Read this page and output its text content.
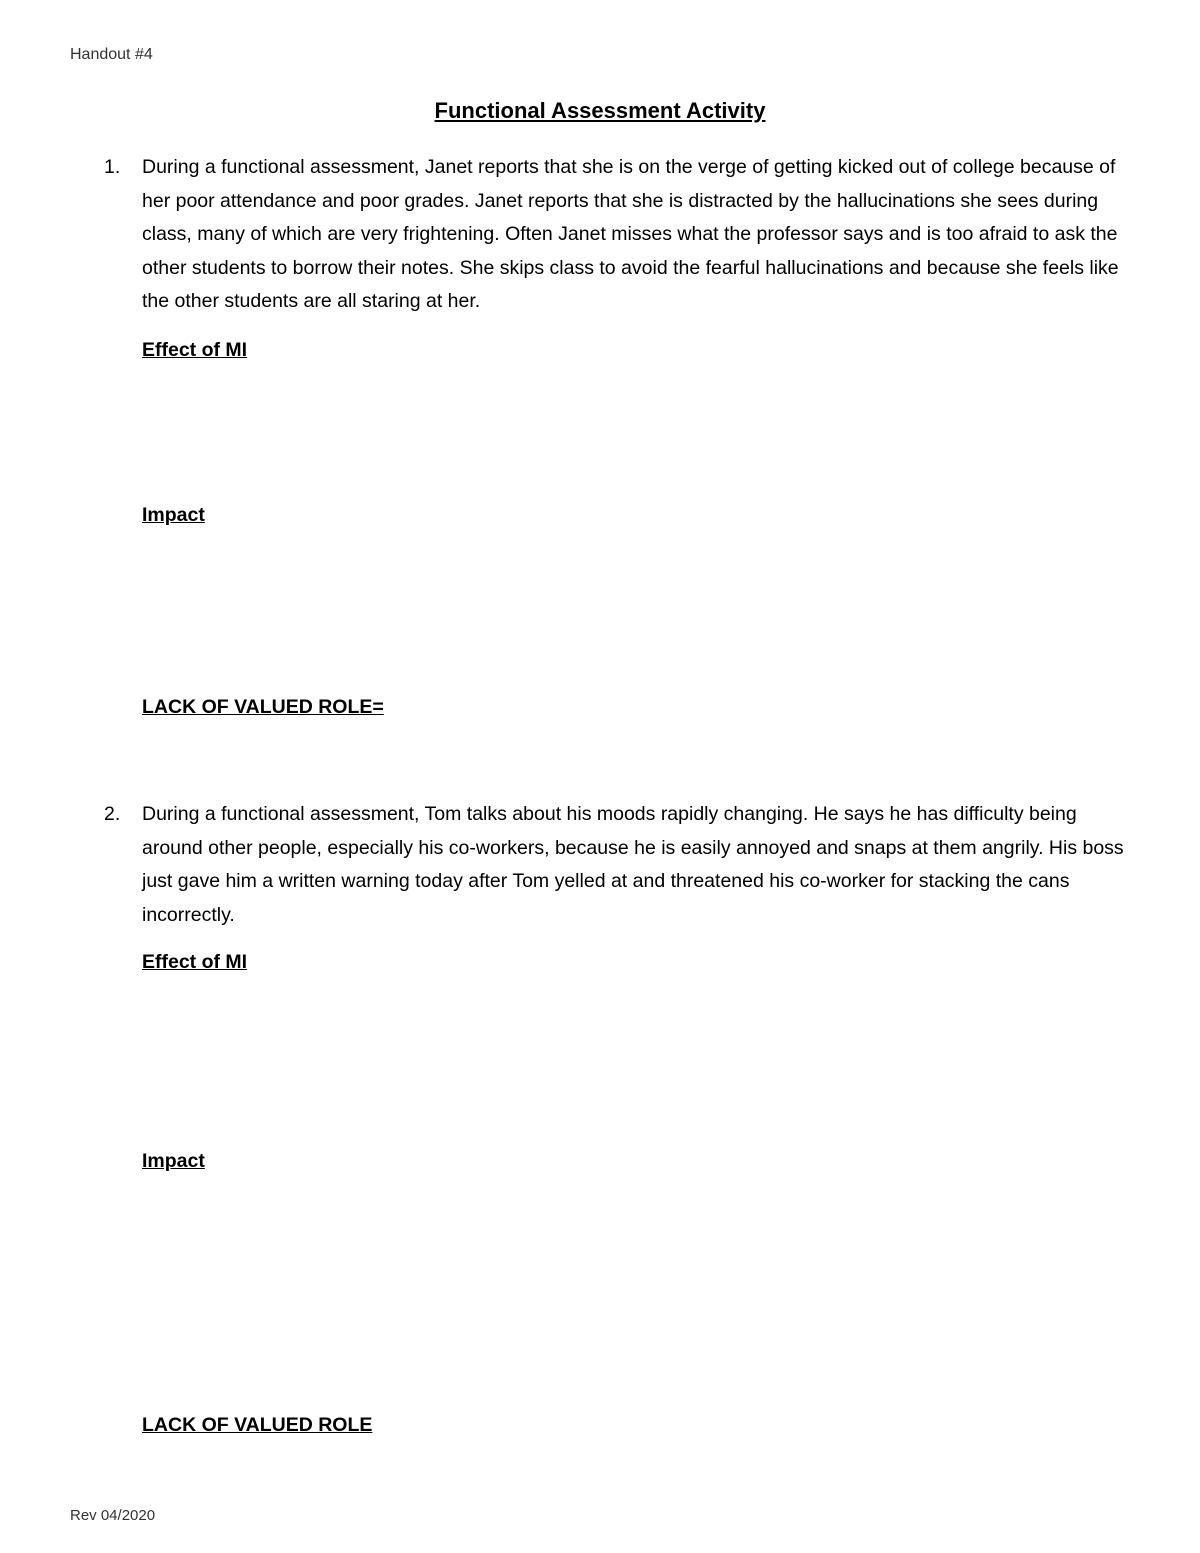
Handout #4
Functional Assessment Activity
1. During a functional assessment, Janet reports that she is on the verge of getting kicked out of college because of her poor attendance and poor grades. Janet reports that she is distracted by the hallucinations she sees during class, many of which are very frightening. Often Janet misses what the professor says and is too afraid to ask the other students to borrow their notes. She skips class to avoid the fearful hallucinations and because she feels like the other students are all staring at her.

Effect of MI
Impact
LACK OF VALUED ROLE=
2. During a functional assessment, Tom talks about his moods rapidly changing. He says he has difficulty being around other people, especially his co-workers, because he is easily annoyed and snaps at them angrily. His boss just gave him a written warning today after Tom yelled at and threatened his co-worker for stacking the cans incorrectly.

Effect of MI
Impact
LACK OF VALUED ROLE
Rev 04/2020
